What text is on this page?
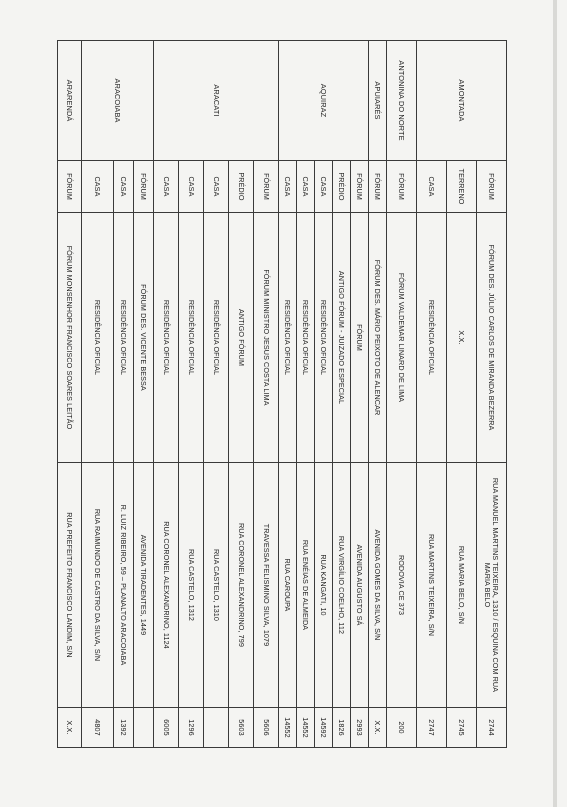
AMONTADA	FÓRUM	FÓRUM DES. JÚLIO CARLOS DE MIRANDA BEZERRA	RUA MANUEL MARTINS TEIXEIRA, 1310 / ESQUINA COM RUA MARIA BELO	2744
	TERRENO	X.X.	RUA MARIA BELO, S/N	2745
	CASA	RESIDÊNCIA OFICIAL	RUA MARTINS TEIXEIRA, S/N	2747
ANTONINA DO NORTE	FÓRUM	FÓRUM VALDEMAR LINARD DE LIMA	RODOVIA CE 373	200
APUIARÉS	FÓRUM	FÓRUM DES. MÁRIO PEIXOTO DE ALENCAR	AVENIDA GOMES DA SILVA, S/N	X.X.
AQUIRAZ	FÓRUM	FÓRUM	AVENIDA AUGUSTO SÁ	2993
	PRÉDIO	ANTIGO FÓRUM - JUIZADO ESPECIAL	RUA VIRGÍLIO COELHO, 112	1826
	CASA	RESIDÊNCIA OFICIAL	RUA KANGATI, 10	14592
	CASA	RESIDÊNCIA OFICIAL	RUA ENÉIAS DE ALMEIDA	14552
	CASA	RESIDÊNCIA OFICIAL	RUA CAROUPA	14552
ARACATI	FÓRUM	FÓRUM MINISTRO JESUS COSTA LIMA	TRAVESSA FELISMINO SILVA, 1079	5606
	PRÉDIO	ANTIGO FÓRUM	RUA CORONEL ALEXANDRINO, 799	5603
	CASA	RESIDÊNCIA OFICIAL	RUA CASTELO, 1310	
	CASA	RESIDÊNCIA OFICIAL	RUA CASTELO, 1312	1296
	CASA	RESIDÊNCIA OFICIAL	RUA CORONEL ALEXANDRINO, 1124	6005
ARACOIABA	FÓRUM	FÓRUM DES. VICENTE BESSA	AVENIDA TIRADENTES, 1449	
	CASA	RESIDÊNCIA OFICIAL	R. LUIZ RIBEIRO, 59 – PLANALTO ARACOIABA	1392
	CASA	RESIDÊNCIA OFICIAL	RUA RAIMUNDO DE CASTRO DA SILVA, S/N	4807
ARARENDÁ	FÓRUM	FÓRUM MONSENHOR FRANCISCO SOARES LEITÃO	RUA PREFEITO FRANCISCO LANDIM, S/N	X.X.
